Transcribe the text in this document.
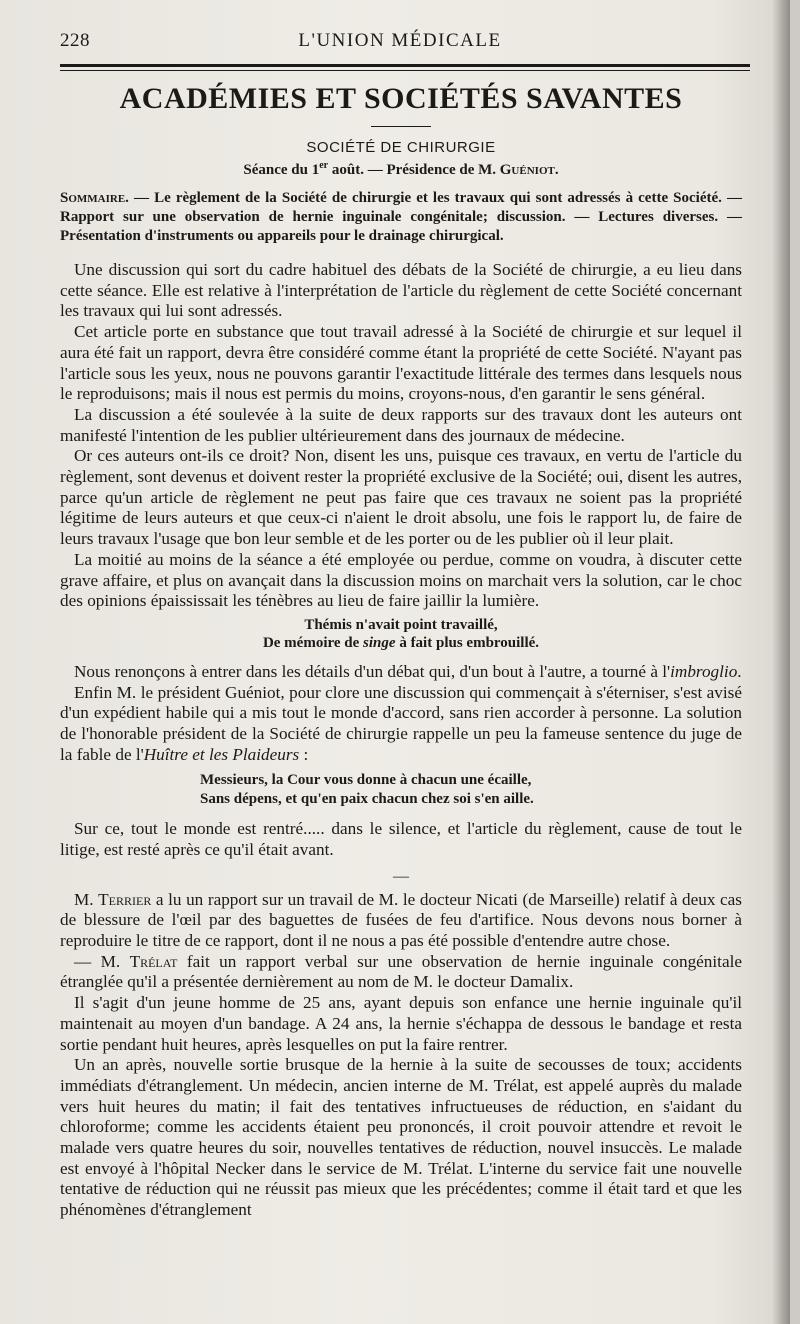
228	L'UNION MÉDICALE
ACADÉMIES ET SOCIÉTÉS SAVANTES
SOCIÉTÉ DE CHIRURGIE
Séance du 1er août. — Présidence de M. Guéniot.
Sommaire. — Le règlement de la Société de chirurgie et les travaux qui sont adressés à cette Société. — Rapport sur une observation de hernie inguinale congénitale; discussion. — Lectures diverses. — Présentation d'instruments ou appareils pour le drainage chirurgical.

Une discussion qui sort du cadre habituel des débats de la Société de chirurgie, a eu lieu dans cette séance. Elle est relative à l'interprétation de l'article du règlement de cette Société concernant les travaux qui lui sont adressés.

Cet article porte en substance que tout travail adressé à la Société de chirurgie et sur lequel il aura été fait un rapport, devra être considéré comme étant la propriété de cette Société. N'ayant pas l'article sous les yeux, nous ne pouvons garantir l'exactitude littérale des termes dans lesquels nous le reproduisons; mais il nous est permis du moins, croyons-nous, d'en garantir le sens général.

La discussion a été soulevée à la suite de deux rapports sur des travaux dont les auteurs ont manifesté l'intention de les publier ultérieurement dans des journaux de médecine.

Or ces auteurs ont-ils ce droit? Non, disent les uns, puisque ces travaux, en vertu de l'article du règlement, sont devenus et doivent rester la propriété exclusive de la Société; oui, disent les autres, parce qu'un article de règlement ne peut pas faire que ces travaux ne soient pas la propriété légitime de leurs auteurs et que ceux-ci n'aient le droit absolu, une fois le rapport lu, de faire de leurs travaux l'usage que bon leur semble et de les porter ou de les publier où il leur plait.

La moitié au moins de la séance a été employée ou perdue, comme on voudra, à discuter cette grave affaire, et plus on avançait dans la discussion moins on marchait vers la solution, car le choc des opinions épaississait les ténèbres au lieu de faire jaillir la lumière.

Thémis n'avait point travaillé,
De mémoire de singe à fait plus embrouillé.

Nous renonçons à entrer dans les détails d'un débat qui, d'un bout à l'autre, a tourné à l'imbroglio.

Enfin M. le président Guéniot, pour clore une discussion qui commençait à s'éterniser, s'est avisé d'un expédient habile qui a mis tout le monde d'accord, sans rien accorder à personne. La solution de l'honorable président de la Société de chirurgie rappelle un peu la fameuse sentence du juge de la fable de l'Huître et les Plaideurs :

Messieurs, la Cour vous donne à chacun une écaille,
Sans dépens, et qu'en paix chacun chez soi s'en aille.

Sur ce, tout le monde est rentré..... dans le silence, et l'article du règlement, cause de tout le litige, est resté après ce qu'il était avant.

—

M. Terrier a lu un rapport sur un travail de M. le docteur Nicati (de Marseille) relatif à deux cas de blessure de l'œil par des baguettes de fusées de feu d'artifice. Nous devons nous borner à reproduire le titre de ce rapport, dont il ne nous a pas été possible d'entendre autre chose.

— M. Trélat fait un rapport verbal sur une observation de hernie inguinale congénitale étranglée qu'il a présentée dernièrement au nom de M. le docteur Damalix.

Il s'agit d'un jeune homme de 25 ans, ayant depuis son enfance une hernie inguinale qu'il maintenait au moyen d'un bandage. A 24 ans, la hernie s'échappa de dessous le bandage et resta sortie pendant huit heures, après lesquelles on put la faire rentrer.

Un an après, nouvelle sortie brusque de la hernie à la suite de secousses de toux; accidents immédiats d'étranglement. Un médecin, ancien interne de M. Trélat, est appelé auprès du malade vers huit heures du matin; il fait des tentatives infructueuses de réduction, en s'aidant du chloroforme; comme les accidents étaient peu prononcés, il croit pouvoir attendre et revoit le malade vers quatre heures du soir, nouvelles tentatives de réduction, nouvel insuccès. Le malade est envoyé à l'hôpital Necker dans le service de M. Trélat. L'interne du service fait une nouvelle tentative de réduction qui ne réussit pas mieux que les précédentes; comme il était tard et que les phénomènes d'étranglement
